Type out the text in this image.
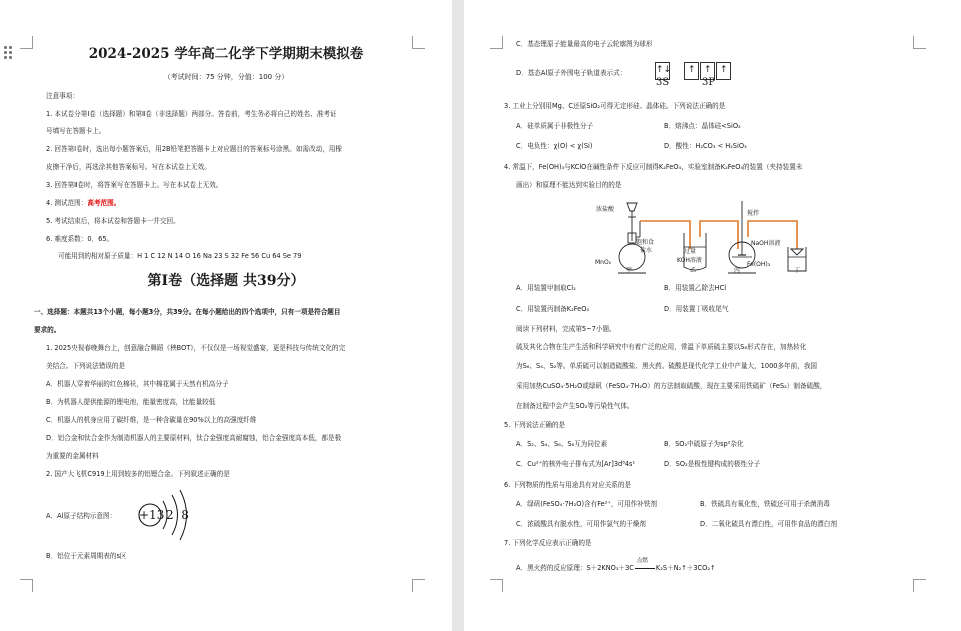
2024-2025 学年高二化学下学期期末模拟卷
（考试时间：75 分钟，分值：100 分）
注意事项：
1. 本试卷分第Ⅰ卷（选择题）和第Ⅱ卷（非选择题）两部分。答卷前，考生务必将自己的姓名、准考证
号填写在答题卡上。
2. 回答第Ⅰ卷时，选出每小题答案后，用2B铅笔把答题卡上对应题目的答案标号涂黑。如需改动，用橡
皮擦干净后，再选涂其他答案标号。写在本试卷上无效。
3. 回答第Ⅱ卷时，将答案写在答题卡上。写在本试卷上无效。
4. 测试范围：高考范围。
5. 考试结束后，将本试卷和答题卡一并交回。
6. 难度系数：0．65。
可能用到的相对原子质量：H 1 C 12 N 14 O 16 Na 23 S 32 Fe 56 Cu 64 Se 79
第Ⅰ卷（选择题 共39分）
一、选择题：本题共13个小题，每小题3分，共39分。在每小题给出的四个选项中，只有一项是符合题目
要求的。
1. 2025央视春晚舞台上，创意融合舞蹈《秧BOT》，不仅仅是一场视觉盛宴，更是科技与传统文化的完
美结合。下列说法错误的是
A．机器人穿着华丽的红色棉袄，其中棉花属于天然有机高分子
B．为机器人提供能源的锂电池，能量密度高，比能量较低
C．机器人的机身应用了碳纤维，是一种含碳量在90%以上的高强度纤维
D．铝合金和钛合金作为制造机器人的主要原材料，钛合金强度高耐腐蚀，铝合金强度高本低，都是极
为重要的金属材料
2. 国产大飞机C919上用到较多的铝锂合金。下列叙述正确的是
A．Al原子结构示意图： +13 2  8
B．铝位于元素周期表的s区
C．基态锂原子能量最高的电子云轮廓图为球形
D．基态Al原子外围电子轨道表示式：	↑↓ ↑ ↑ ↑
3S	3P
3. 工业上分别用Mg、C还原SiO₂可得无定形硅、晶体硅。下列说法正确的是
A．硅单质属于非极性分子	B．熔沸点：晶体硅<SiO₂
C．电负性：χ(O) < χ(Si)	D．酸性：H₂CO₃ < H₂SiO₃
4. 常温下，Fe(OH)₃与KClO在碱性条件下反应可制得K₂FeO₄，实验室制备K₂FeO₄的装置（夹持装置未
画出）和原理不能达到实验目的的是
浓盐酸
MnO₂
甲
饱和食
盐水
乙
过量
KOH溶液
丙
搅拌
NaOH溶液
Fe(OH)₃
丁
A．用装置甲制取Cl₂	B．用装置乙除去HCl
C．用装置丙制备K₂FeO₄	D．用装置丁吸收尾气
阅读下列材料，完成第5~7小题。
硫及其化合物在生产生活和科学研究中有着广泛的应用，常温下单质硫主要以S₈形式存在，加热转化
为S₆、S₄、S₂等。单质硫可以制造硫酸盐、黑火药。硫酸是现代化学工业中产量大，1000多年前，我国
采用加热CuSO₄·5H₂O或绿矾（FeSO₄·7H₂O）的方法制取硫酸，现在主要采用铁硫矿（FeS₂）制备硫酸，
在制备过程中会产生SO₂等污染性气体。
5. 下列说法正确的是
A．S₂、S₄、S₆、S₈互为同位素	B．SO₂中硫原子为sp²杂化
C．Cu²⁺的核外电子排布式为[Ar]3d⁸4s¹	D．SO₂是极性键构成的极性分子
6. 下列物质的性质与用途具有对应关系的是
A．绿矾(FeSO₄·7H₂O)含有Fe²⁺，可用作补铁剂	B．铁硫具有氧化性，铁硫还可用于杀菌消毒
C．浓硫酸具有脱水性，可用作氯气的干燥剂	D．二氧化硫具有漂白性，可用作食品的漂白剂
7. 下列化学反应表示正确的是
A．黑火药的反应原理：S＋2KNO₃＋3C
点燃
K₂S＋N₂↑＋3CO₂↑
